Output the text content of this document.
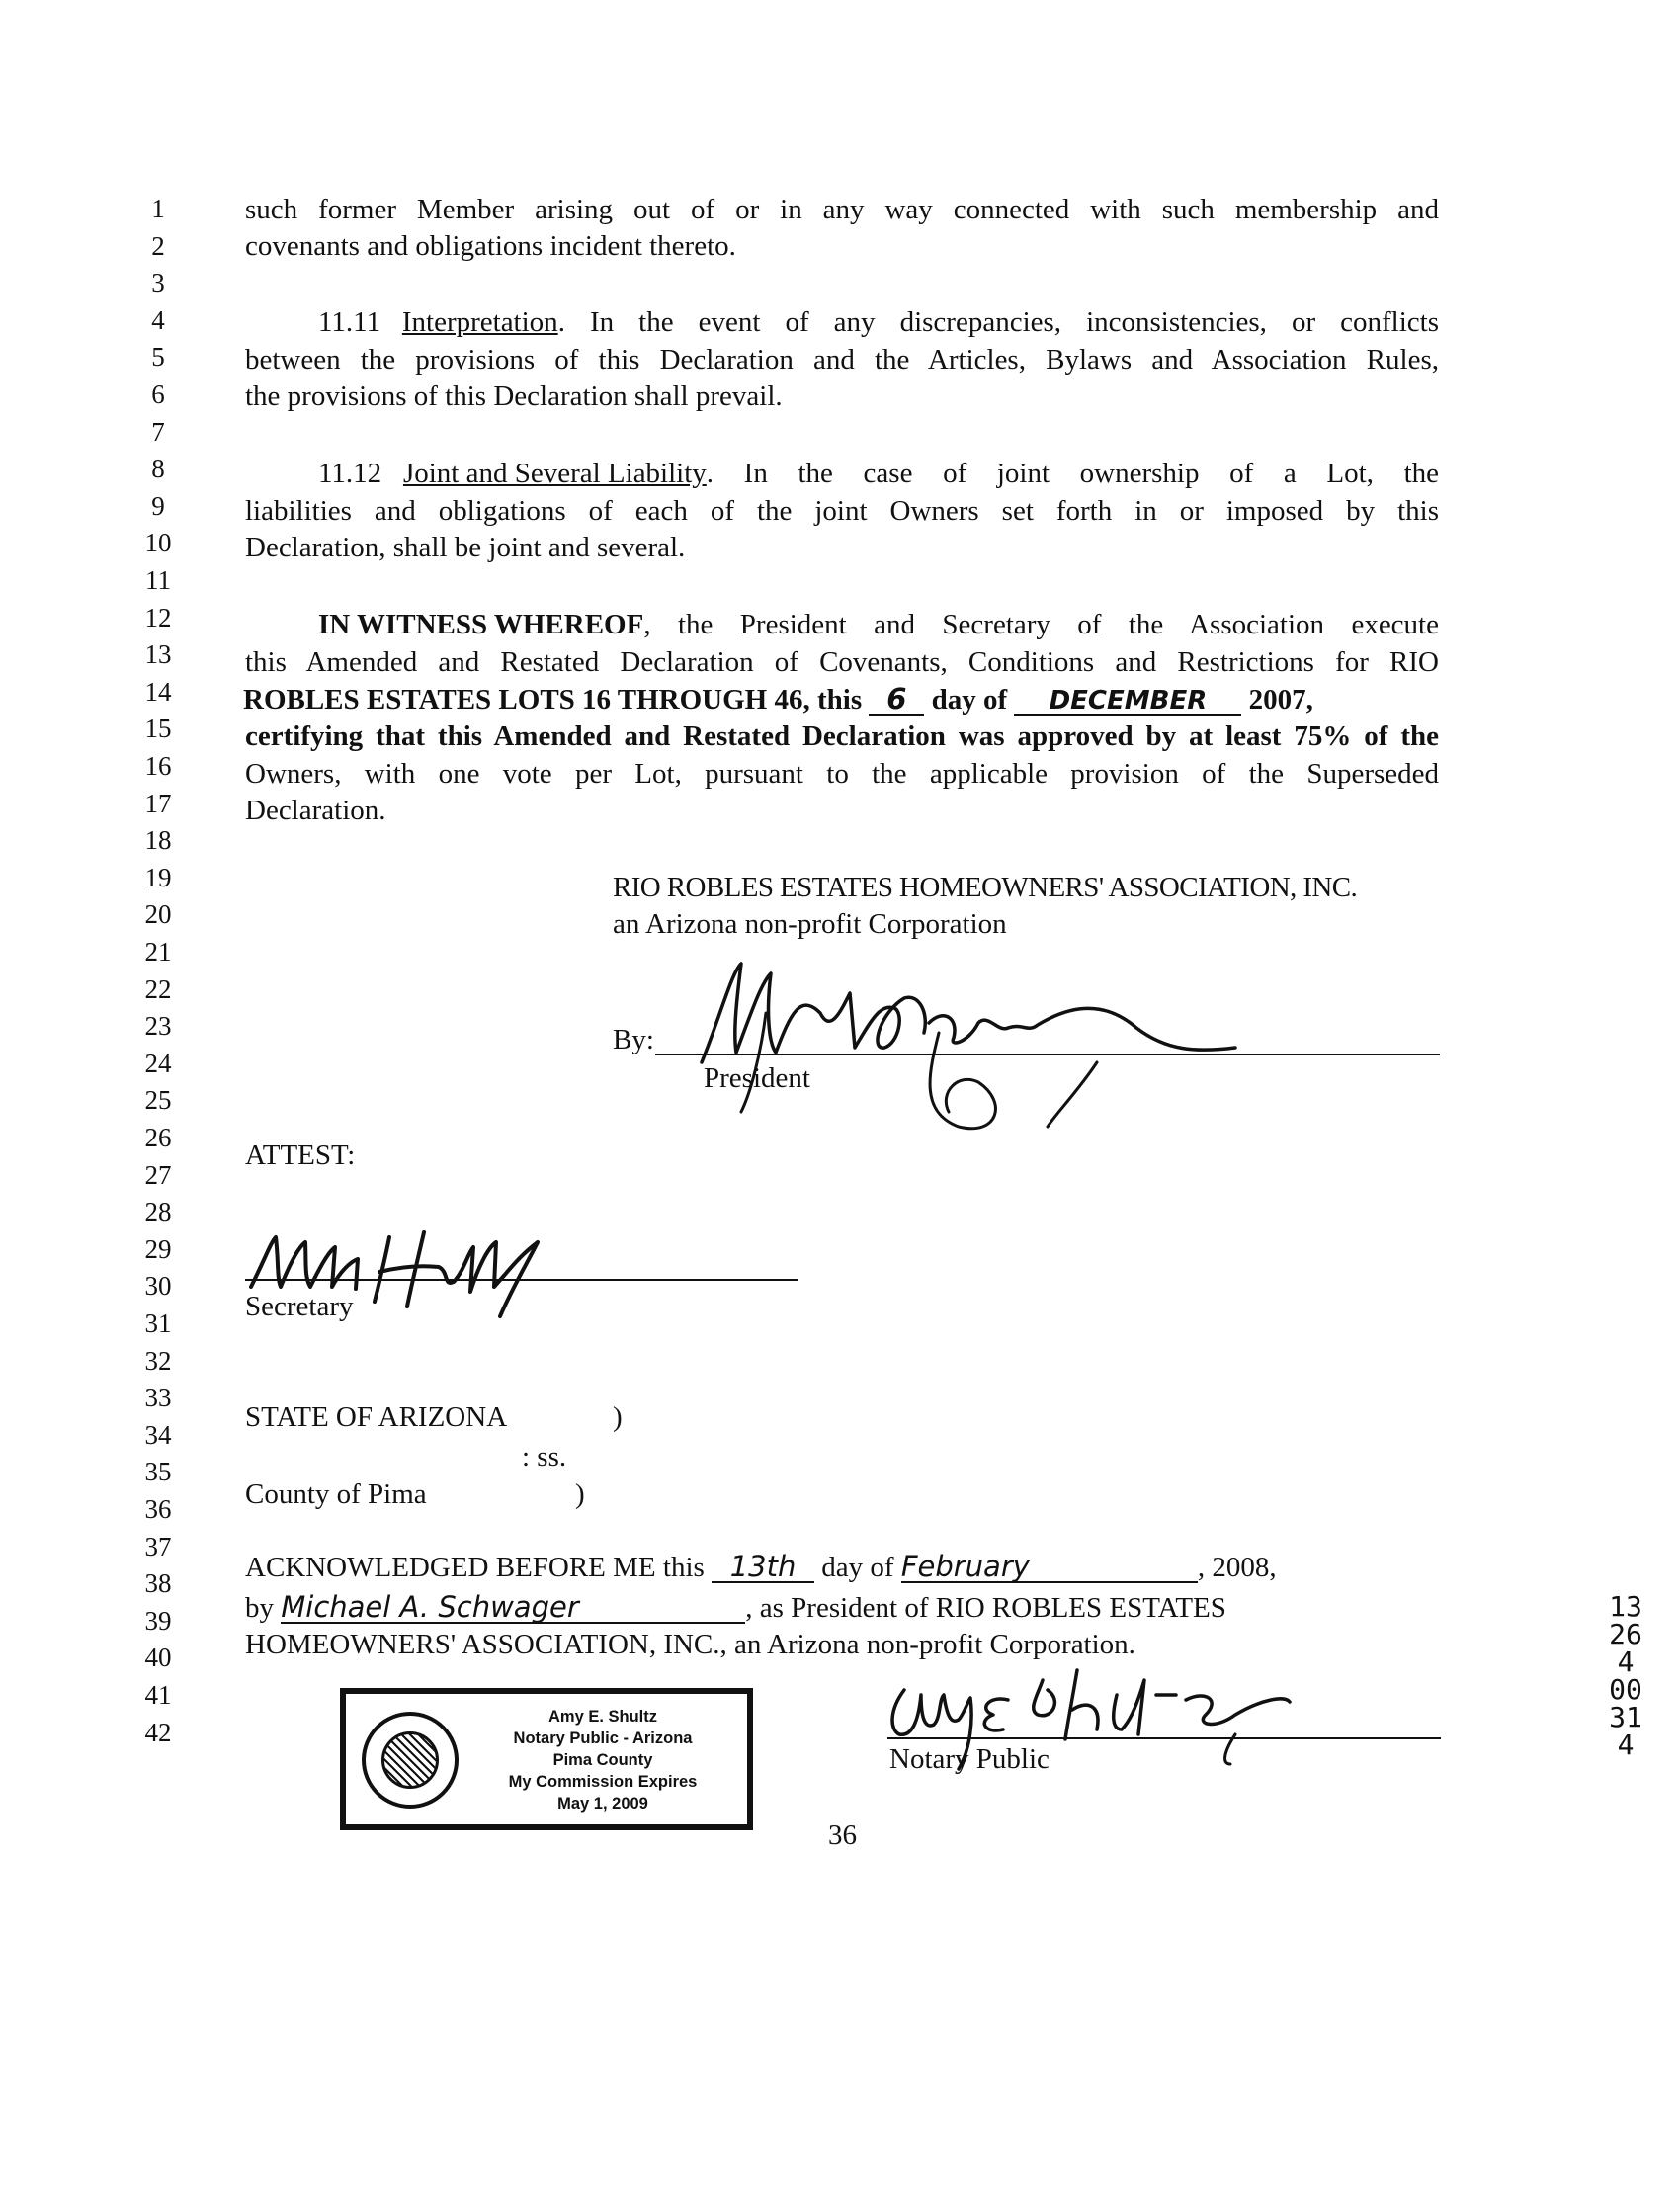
1
2
3
4
5
6
7
8
9
10
11
12
13
14
15
16
17
18
19
20
21
22
23
24
25
26
27
28
29
30
31
32
33
34
35
36
37
38
39
40
41
42
such former Member arising out of or in any way connected with such membership and
covenants and obligations incident thereto.
11.11 Interpretation . In the event of any discrepancies, inconsistencies, or conflicts
between the provisions of this Declaration and the Articles, Bylaws and Association Rules,
the provisions of this Declaration shall prevail.
11.12 Joint and Several Liability . In the case of joint ownership of a Lot, the
liabilities and obligations of each of the joint Owners set forth in or imposed by this
Declaration, shall be joint and several.
IN WITNESS WHEREOF , the President and Secretary of the Association execute
this Amended and Restated Declaration of Covenants, Conditions and Restrictions for RIO
ROBLES ESTATES LOTS 16 THROUGH 46, this 6 day of DECEMBER 2007,
certifying that this Amended and Restated Declaration was approved by at least 75% of the
Owners, with one vote per Lot, pursuant to the applicable provision of the Superseded
Declaration.
RIO ROBLES ESTATES HOMEOWNERS' ASSOCIATION, INC.
an Arizona non-profit Corporation
By:
President
ATTEST:
Secretary
STATE OF ARIZONA	)
: ss.
County of Pima	)
ACKNOWLEDGED BEFORE ME this 13th day of February	, 2008,
by Michael A. Schwager	, as President of RIO ROBLES ESTATES
HOMEOWNERS' ASSOCIATION, INC., an Arizona non-profit Corporation.
Notary Public
Amy E. Shultz
Notary Public - Arizona
Pima County
My Commission Expires
May 1, 2009
36
13264 00314
